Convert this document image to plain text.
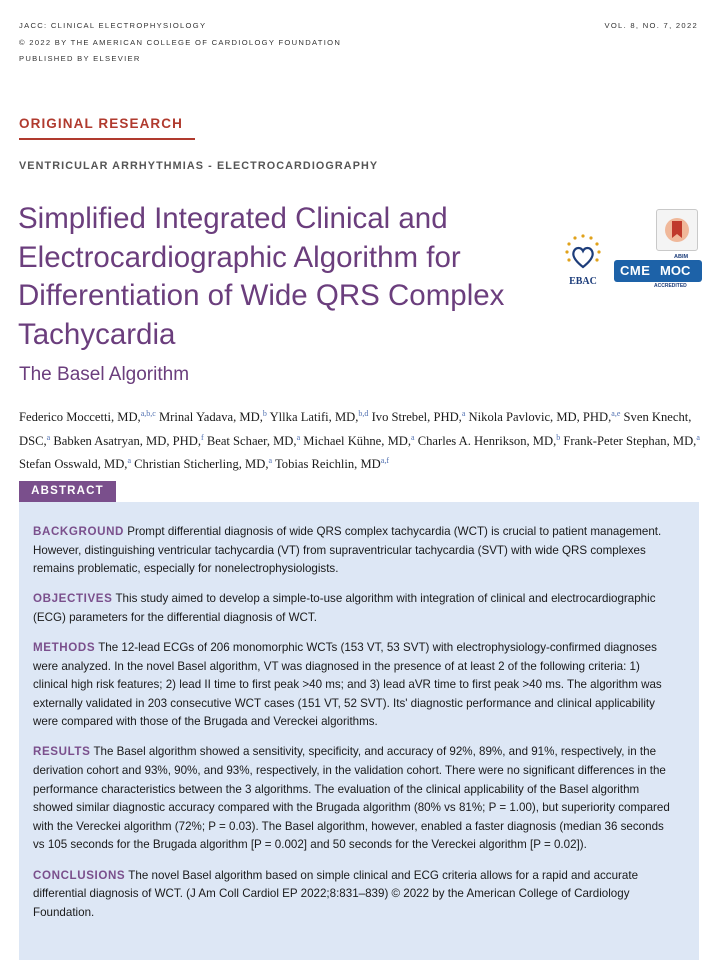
JACC: CLINICAL ELECTROPHYSIOLOGY
© 2022 BY THE AMERICAN COLLEGE OF CARDIOLOGY FOUNDATION
PUBLISHED BY ELSEVIER
VOL. 8, NO. 7, 2022
ORIGINAL RESEARCH
VENTRICULAR ARRHYTHMIAS - ELECTROCARDIOGRAPHY
Simplified Integrated Clinical and Electrocardiographic Algorithm for Differentiation of Wide QRS Complex Tachycardia
The Basel Algorithm
EBAC
ABIM
CME MOC
ACCREDITED
Federico Moccetti, MD,$^{a,b,c}$ Mrinal Yadava, MD,$^b$ Yllka Latifi, MD,$^{b,d}$ Ivo Strebel, PHD,$^a$ Nikola Pavlovic, MD, PHD,$^{a,e}$ Sven Knecht, DSC,$^a$ Babken Asatryan, MD, PHD,$^f$ Beat Schaer, MD,$^a$ Michael Kühne, MD,$^a$ Charles A. Henrikson, MD,$^b$ Frank-Peter Stephan, MD,$^a$ Stefan Osswald, MD,$^a$ Christian Sticherling, MD,$^a$ Tobias Reichlin, MD$^{a,f}$
ABSTRACT

BACKGROUND Prompt differential diagnosis of wide QRS complex tachycardia (WCT) is crucial to patient management. However, distinguishing ventricular tachycardia (VT) from supraventricular tachycardia (SVT) with wide QRS complexes remains problematic, especially for nonelectrophysiologists.

OBJECTIVES This study aimed to develop a simple-to-use algorithm with integration of clinical and electrocardiographic (ECG) parameters for the differential diagnosis of WCT.

METHODS The 12-lead ECGs of 206 monomorphic WCTs (153 VT, 53 SVT) with electrophysiology-confirmed diagnoses were analyzed. In the novel Basel algorithm, VT was diagnosed in the presence of at least 2 of the following criteria: 1) clinical high risk features; 2) lead II time to first peak >40 ms; and 3) lead aVR time to first peak >40 ms. The algorithm was externally validated in 203 consecutive WCT cases (151 VT, 52 SVT). Its' diagnostic performance and clinical applicability were compared with those of the Brugada and Vereckei algorithms.

RESULTS The Basel algorithm showed a sensitivity, specificity, and accuracy of 92%, 89%, and 91%, respectively, in the derivation cohort and 93%, 90%, and 93%, respectively, in the validation cohort. There were no significant differences in the performance characteristics between the 3 algorithms. The evaluation of the clinical applicability of the Basel algorithm showed similar diagnostic accuracy compared with the Brugada algorithm (80% vs 81%; P = 1.00), but superiority compared with the Vereckei algorithm (72%; P = 0.03). The Basel algorithm, however, enabled a faster diagnosis (median 36 seconds vs 105 seconds for the Brugada algorithm [P = 0.002] and 50 seconds for the Vereckei algorithm [P = 0.02]).

CONCLUSIONS The novel Basel algorithm based on simple clinical and ECG criteria allows for a rapid and accurate differential diagnosis of WCT. (J Am Coll Cardiol EP 2022;8:831–839) © 2022 by the American College of Cardiology Foundation.
